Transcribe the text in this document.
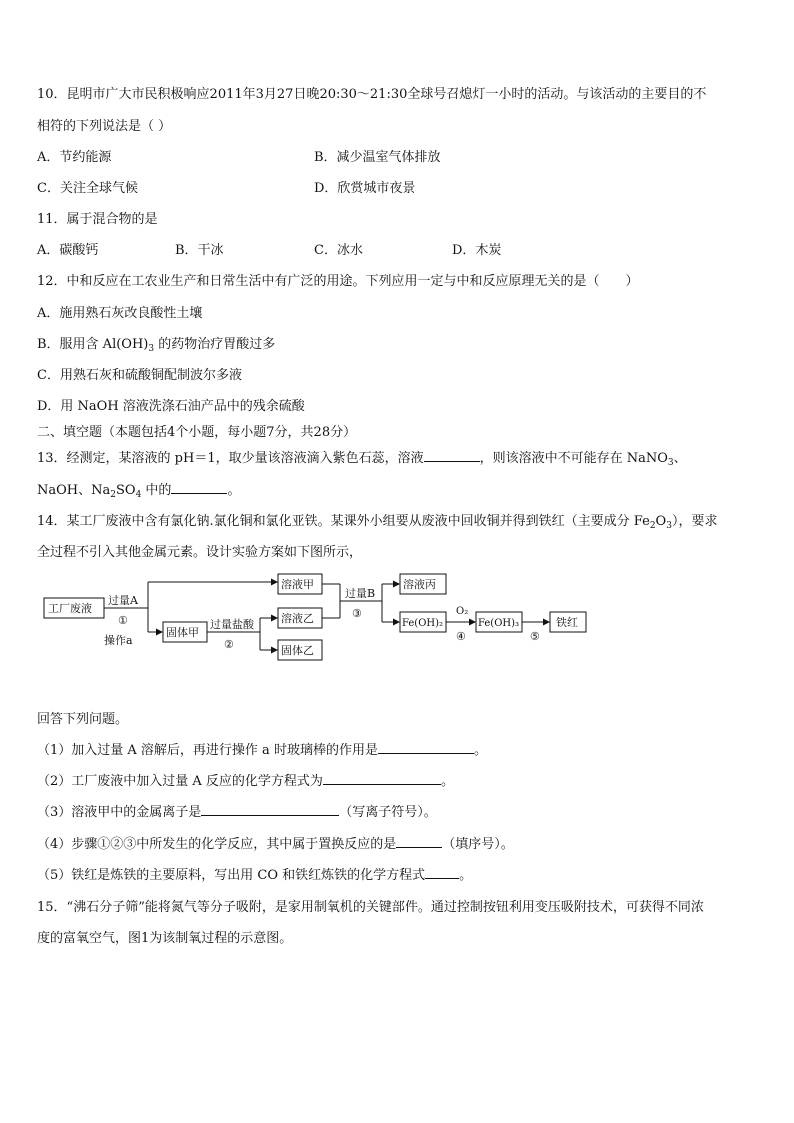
10．昆明市广大市民积极响应2011年3月27日晚20:30～21:30全球号召熄灯一小时的活动。与该活动的主要目的不
相符的下列说法是（ ）
A．节约能源	B．减少温室气体排放
C．关注全球气候	D．欣赏城市夜景
11．属于混合物的是
A．碳酸钙	B．干冰	C．冰水	D．木炭
12．中和反应在工农业生产和日常生活中有广泛的用途。下列应用一定与中和反应原理无关的是（　　）
A．施用熟石灰改良酸性土壤
B．服用含 $Al(OH)_3$ 的药物治疗胃酸过多
C．用熟石灰和硫酸铜配制波尔多液
D．用 NaOH 溶液洗涤石油产品中的残余硫酸
二、填空题（本题包括4个小题，每小题7分，共28分）
13．经测定，某溶液的 pH＝1，取少量该溶液滴入紫色石蕊，溶液	，则该溶液中不可能存在 NaNO$_3$、
NaOH、$Na_2SO_4$ 中的	。
14．某工厂废液中含有氯化钠.氯化铜和氯化亚铁。某课外小组要从废液中回收铜并得到铁红（主要成分 $Fe_2O_3$），要求
全过程不引入其他金属元素。设计实验方案如下图所示，
工厂废液
过量A
①
操作a
固体甲
过量盐酸
②
溶液甲
溶液乙
固体乙
过量B
③
溶液丙
Fe(OH)₂
O₂
④
Fe(OH)₃
⑤
铁红
回答下列问题。
（1）加入过量 A 溶解后，再进行操作 a 时玻璃棒的作用是	。
（2）工厂废液中加入过量 A 反应的化学方程式为	。
（3）溶液甲中的金属离子是	（写离子符号）。
（4）步骤①②③中所发生的化学反应，其中属于置换反应的是	（填序号）。
（5）铁红是炼铁的主要原料，写出用 CO 和铁红炼铁的化学方程式	。
15．“沸石分子筛”能将氮气等分子吸附，是家用制氧机的关键部件。通过控制按钮利用变压吸附技术，可获得不同浓
度的富氧空气，图1为该制氧过程的示意图。
